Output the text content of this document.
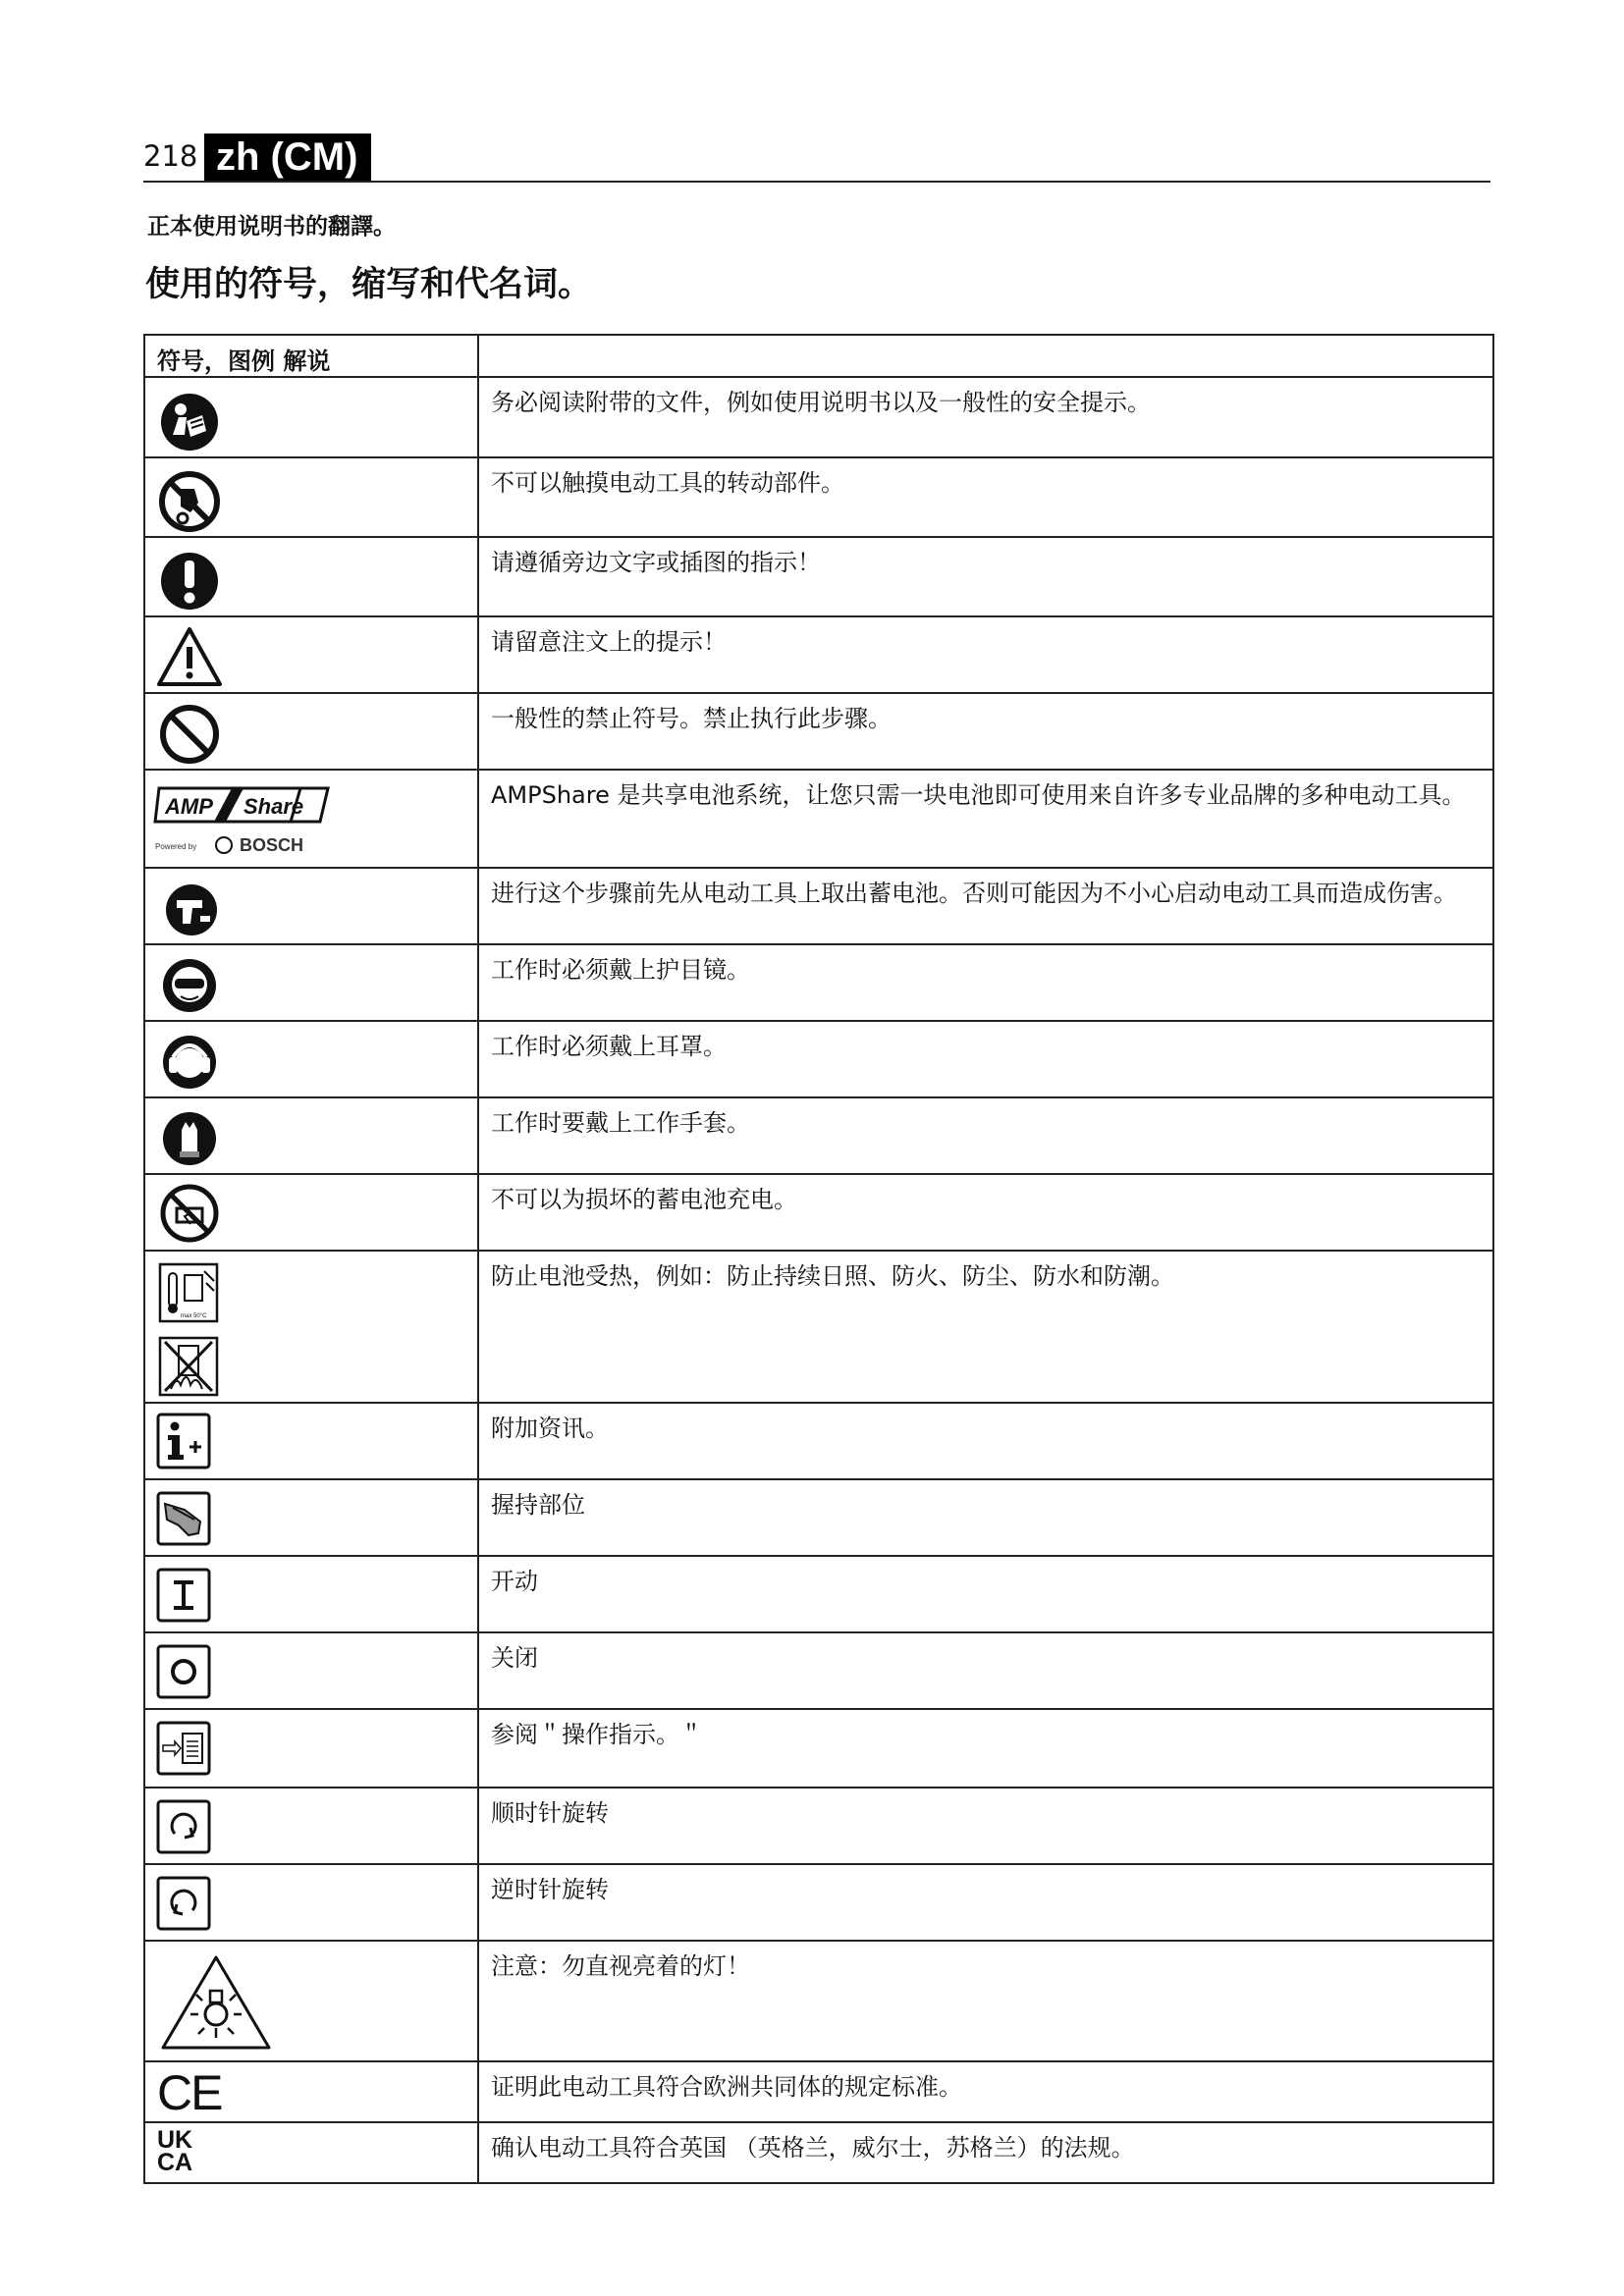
218 zh (CM)
正本使用说明书的翻譯。
使用的符号，缩写和代名词。
符号，图例 解说	

	务必阅读附带的文件，例如使用说明书以及一般性的安全提示。

	不可以触摸电动工具的转动部件。

	请遵循旁边文字或插图的指示！

	请留意注文上的提示！

	一般性的禁止符号。禁止执行此步骤。

AMP Share
Powered by BOSCH	AMPShare 是共享电池系统，让您只需一块电池即可使用来自许多专业品牌的多种电动工具。

	进行这个步骤前先从电动工具上取出蓄电池。否则可能因为不小心启动电动工具而造成伤害。

	工作时必须戴上护目镜。

	工作时必须戴上耳罩。

	工作时要戴上工作手套。

	不可以为损坏的蓄电池充电。

max 50°C	防止电池受热，例如：防止持续日照、防火、防尘、防水和防潮。

	附加资讯。

	握持部位

	开动

	关闭

	参阅＂操作指示。＂

	顺时针旋转

	逆时针旋转

	注意：勿直视亮着的灯！

CE	证明此电动工具符合欧洲共同体的规定标准。

UK
CA	确认电动工具符合英国 （英格兰，威尔士，苏格兰）的法规。
